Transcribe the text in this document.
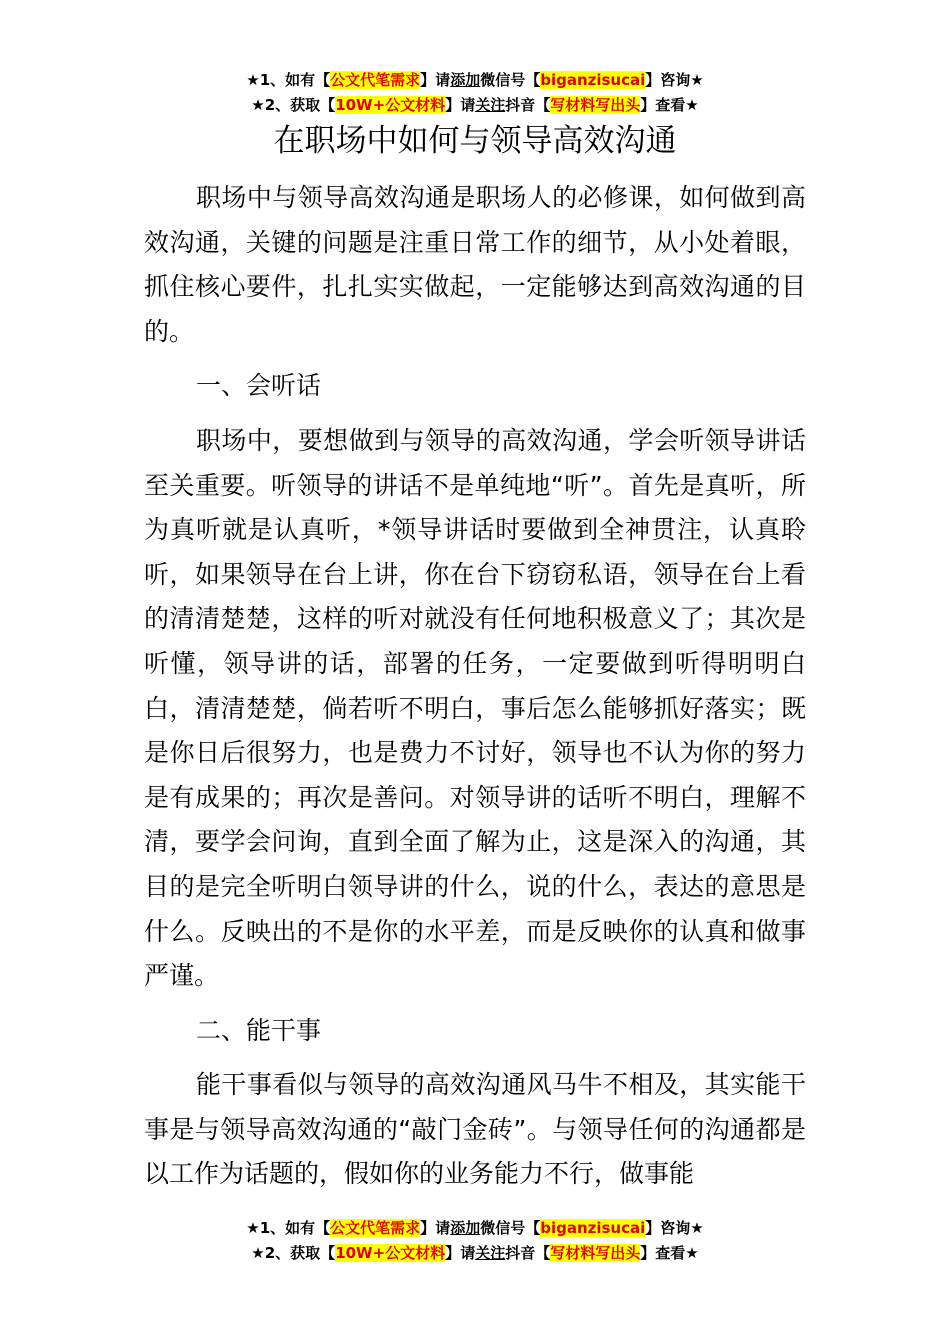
★1、如有【公文代笔需求】请添加微信号【biganzisucai】咨询★
★2、获取【10W+公文材料】请关注抖音【写材料写出头】查看★
在职场中如何与领导高效沟通

职场中与领导高效沟通是职场人的必修课，如何做到高效沟通，关键的问题是注重日常工作的细节，从小处着眼，抓住核心要件，扎扎实实做起，一定能够达到高效沟通的目的。

一、会听话

职场中，要想做到与领导的高效沟通，学会听领导讲话至关重要。听领导的讲话不是单纯地“听”。首先是真听，所为真听就是认真听，*领导讲话时要做到全神贯注，认真聆听，如果领导在台上讲，你在台下窃窃私语，领导在台上看的清清楚楚，这样的听对就没有任何地积极意义了；其次是听懂，领导讲的话，部署的任务，一定要做到听得明明白白，清清楚楚，倘若听不明白，事后怎么能够抓好落实；既是你日后很努力，也是费力不讨好，领导也不认为你的努力是有成果的；再次是善问。对领导讲的话听不明白，理解不清，要学会问询，直到全面了解为止，这是深入的沟通，其目的是完全听明白领导讲的什么，说的什么，表达的意思是什么。反映出的不是你的水平差，而是反映你的认真和做事严谨。

二、能干事

能干事看似与领导的高效沟通风马牛不相及，其实能干事是与领导高效沟通的“敲门金砖”。与领导任何的沟通都是以工作为话题的，假如你的业务能力不行，做事能

★1、如有【公文代笔需求】请添加微信号【biganzisucai】咨询★
★2、获取【10W+公文材料】请关注抖音【写材料写出头】查看★
